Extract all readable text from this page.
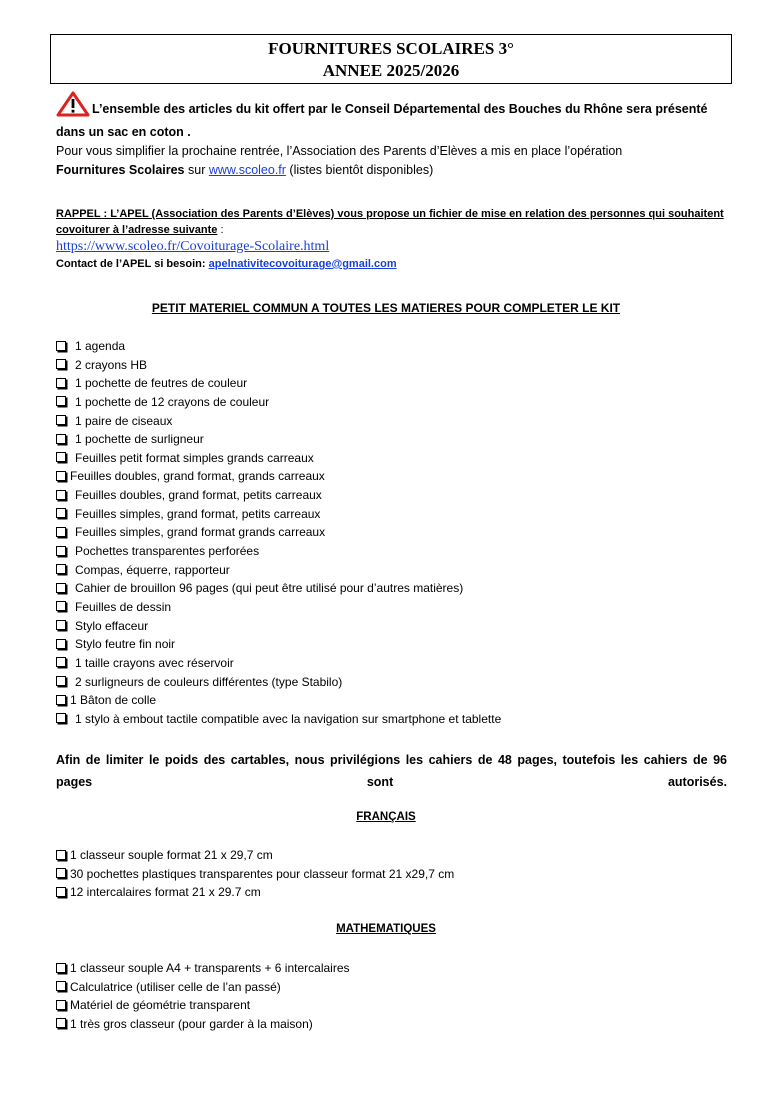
FOURNITURES SCOLAIRES 3°
ANNEE 2025/2026
L’ensemble des articles du kit offert par le Conseil Départemental des Bouches du Rhône sera présenté dans un sac en coton .
Pour vous simplifier la prochaine rentrée, l’Association des Parents d’Elèves a mis en place l’opération
Fournitures Scolaires sur www.scoleo.fr (listes bientôt disponibles)
RAPPEL : L’APEL (Association des Parents d’Elèves) vous propose un fichier de mise en relation des personnes qui souhaitent covoiturer à l’adresse suivante :
https://www.scoleo.fr/Covoiturage-Scolaire.html
Contact de l’APEL si besoin: apelnativitecovoiturage@gmail.com
PETIT MATERIEL COMMUN A TOUTES LES MATIERES POUR COMPLETER LE KIT
1 agenda
2 crayons HB
1 pochette de feutres de couleur
1 pochette de 12 crayons de couleur
1 paire de ciseaux
1 pochette de surligneur
Feuilles petit format simples grands carreaux
Feuilles doubles, grand format, grands carreaux
Feuilles doubles, grand format, petits carreaux
Feuilles simples, grand format, petits carreaux
Feuilles simples, grand format grands carreaux
Pochettes transparentes perforées
Compas, équerre, rapporteur
Cahier de brouillon 96 pages (qui peut être utilisé pour d’autres matières)
Feuilles de dessin
Stylo effaceur
Stylo feutre fin noir
1 taille crayons avec réservoir
2 surligneurs de couleurs différentes (type Stabilo)
1 Bâton de colle
1 stylo à embout tactile compatible avec la navigation sur smartphone et tablette
Afin de limiter le poids des cartables, nous privilégions les cahiers de 48 pages, toutefois les cahiers de 96 pages sont autorisés.
FRANÇAIS
1 classeur souple format 21 x 29,7 cm
30 pochettes plastiques transparentes pour classeur format 21 x29,7 cm
12 intercalaires format 21 x 29.7 cm
MATHEMATIQUES
1 classeur souple A4 + transparents + 6 intercalaires
Calculatrice (utiliser celle de l’an passé)
Matériel de géométrie transparent
1 très gros classeur (pour garder à la maison)
